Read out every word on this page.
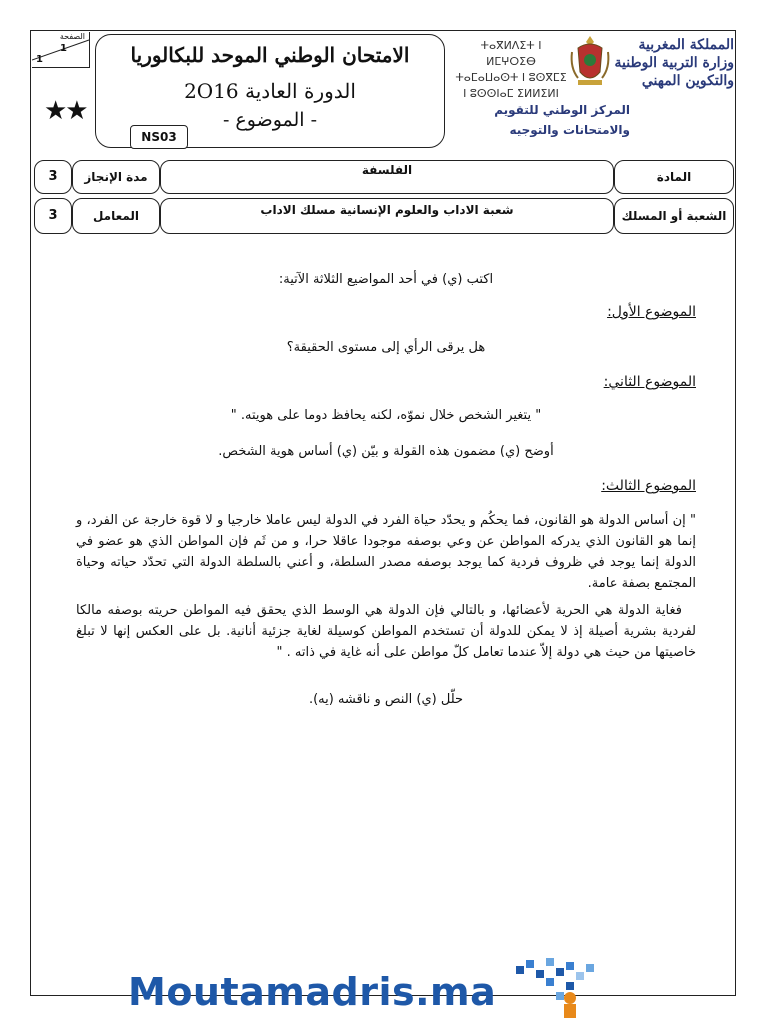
الصفحة
1
1
★★
الامتحان الوطني الموحد للبكالوريا
الدورة العادية 2O16
- الموضوع -
NS03
ⵜⴰⴳⵍⴷⵉⵜ ⵏ ⵍⵎⵖⵔⵉⴱ
ⵜⴰⵎⴰⵡⴰⵙⵜ ⵏ ⵓⵙⴳⵎⵉ
ⵏ ⵓⵙⵙⵏⴰⵎ ⵉⵍⵍⵉⵍⵏ
المملكة المغربية
وزارة التربية الوطنية
والتكوين المهني
المركز الوطني للتقويم
والامتحانات والتوجيه
3	مدة الإنجاز	الفلسفة	المادة
3	المعامل	شعبة الاداب والعلوم الإنسانية مسلك الاداب	الشعبة أو المسلك
اكتب (ي) في أحد المواضيع الثلاثة الآتية:
الموضوع الأول:
هل يرقى الرأي إلى مستوى الحقيقة؟
الموضوع الثاني:
" يتغير الشخص خلال نموّه، لكنه يحافظ دوما على هويته. "
أوضح (ي) مضمون هذه القولة و بيّن (ي) أساس هوية الشخص.
الموضوع الثالث:
" إن أساس الدولة هو القانون، فما يحكُم و يحدّد حياة الفرد في الدولة ليس عاملا خارجيا و لا قوة خارجة عن الفرد، و إنما هو القانون الذي يدركه المواطن عن وعي بوصفه موجودا عاقلا حرا، و من ثَم فإن المواطن الذي هو عضو في الدولة إنما يوجد في ظروف فردية كما يوجد بوصفه مصدر السلطة، و أعني بالسلطة الدولة التي تحدّد حياته وحياة المجتمع بصفة عامة.
فغاية الدولة هي الحرية لأعضائها، و بالتالي فإن الدولة هي الوسط الذي يحقق فيه المواطن حريته بوصفه مالكا لفردية بشرية أصيلة إذ لا يمكن للدولة أن تستخدم المواطن كوسيلة لغاية جزئية أنانية. بل على العكس إنها لا تبلغ خاصيتها من حيث هي دولة إلاّ عندما تعامل كلّ مواطن على أنه غاية في ذاته . "
حلّل (ي) النص و ناقشه (يه).
Moutamadris.ma
